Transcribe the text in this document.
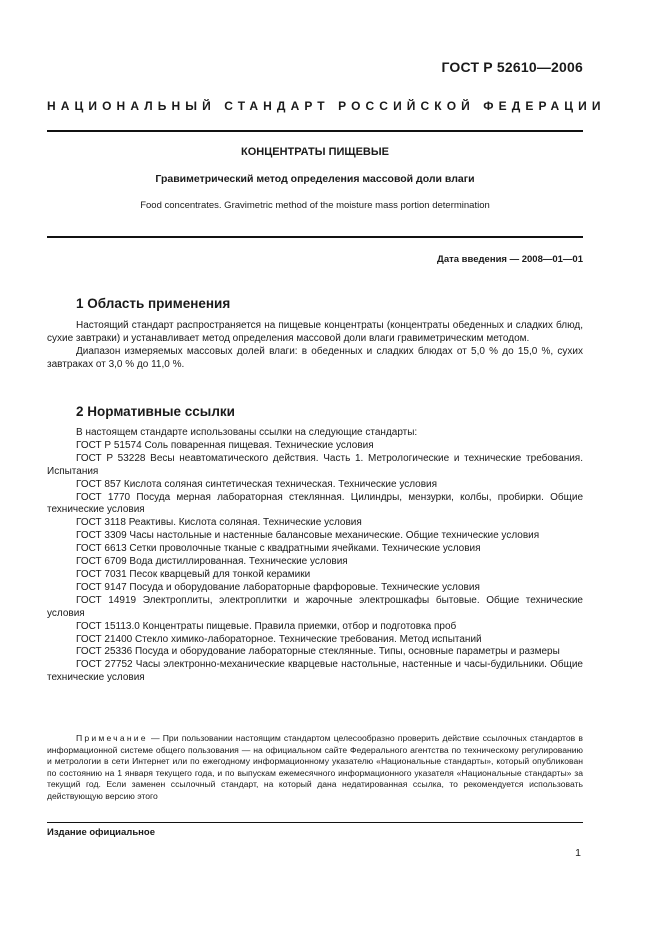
ГОСТ Р 52610—2006
НАЦИОНАЛЬНЫЙ СТАНДАРТ РОССИЙСКОЙ ФЕДЕРАЦИИ
КОНЦЕНТРАТЫ ПИЩЕВЫЕ
Гравиметрический метод определения массовой доли влаги
Food concentrates. Gravimetric method of the moisture mass portion determination
Дата введения — 2008—01—01
1 Область применения

Настоящий стандарт распространяется на пищевые концентраты (концентраты обеденных и сладких блюд, сухие завтраки) и устанавливает метод определения массовой доли влаги гравиметрическим методом.

Диапазон измеряемых массовых долей влаги: в обеденных и сладких блюдах от 5,0 % до 15,0 %, сухих завтраках от 3,0 % до 11,0 %.

2 Нормативные ссылки

В настоящем стандарте использованы ссылки на следующие стандарты:

ГОСТ Р 51574 Соль поваренная пищевая. Технические условия

ГОСТ Р 53228 Весы неавтоматического действия. Часть 1. Метрологические и технические требования. Испытания

ГОСТ 857 Кислота соляная синтетическая техническая. Технические условия

ГОСТ 1770 Посуда мерная лабораторная стеклянная. Цилиндры, мензурки, колбы, пробирки. Общие технические условия

ГОСТ 3118 Реактивы. Кислота соляная. Технические условия

ГОСТ 3309 Часы настольные и настенные балансовые механические. Общие технические условия

ГОСТ 6613 Сетки проволочные тканые с квадратными ячейками. Технические условия

ГОСТ 6709 Вода дистиллированная. Технические условия

ГОСТ 7031 Песок кварцевый для тонкой керамики

ГОСТ 9147 Посуда и оборудование лабораторные фарфоровые. Технические условия

ГОСТ 14919 Электроплиты, электроплитки и жарочные электрошкафы бытовые. Общие технические условия

ГОСТ 15113.0 Концентраты пищевые. Правила приемки, отбор и подготовка проб

ГОСТ 21400 Стекло химико-лабораторное. Технические требования. Метод испытаний

ГОСТ 25336 Посуда и оборудование лабораторные стеклянные. Типы, основные параметры и размеры

ГОСТ 27752 Часы электронно-механические кварцевые настольные, настенные и часы-будильники. Общие технические условия

Примечание — При пользовании настоящим стандартом целесообразно проверить действие ссылочных стандартов в информационной системе общего пользования — на официальном сайте Федерального агентства по техническому регулированию и метрологии в сети Интернет или по ежегодному информационному указателю «Национальные стандарты», который опубликован по состоянию на 1 января текущего года, и по выпускам ежемесячного информационного указателя «Национальные стандарты» за текущий год. Если заменен ссылочный стандарт, на который дана недатированная ссылка, то рекомендуется использовать действующую версию этого

Издание официальное
1
